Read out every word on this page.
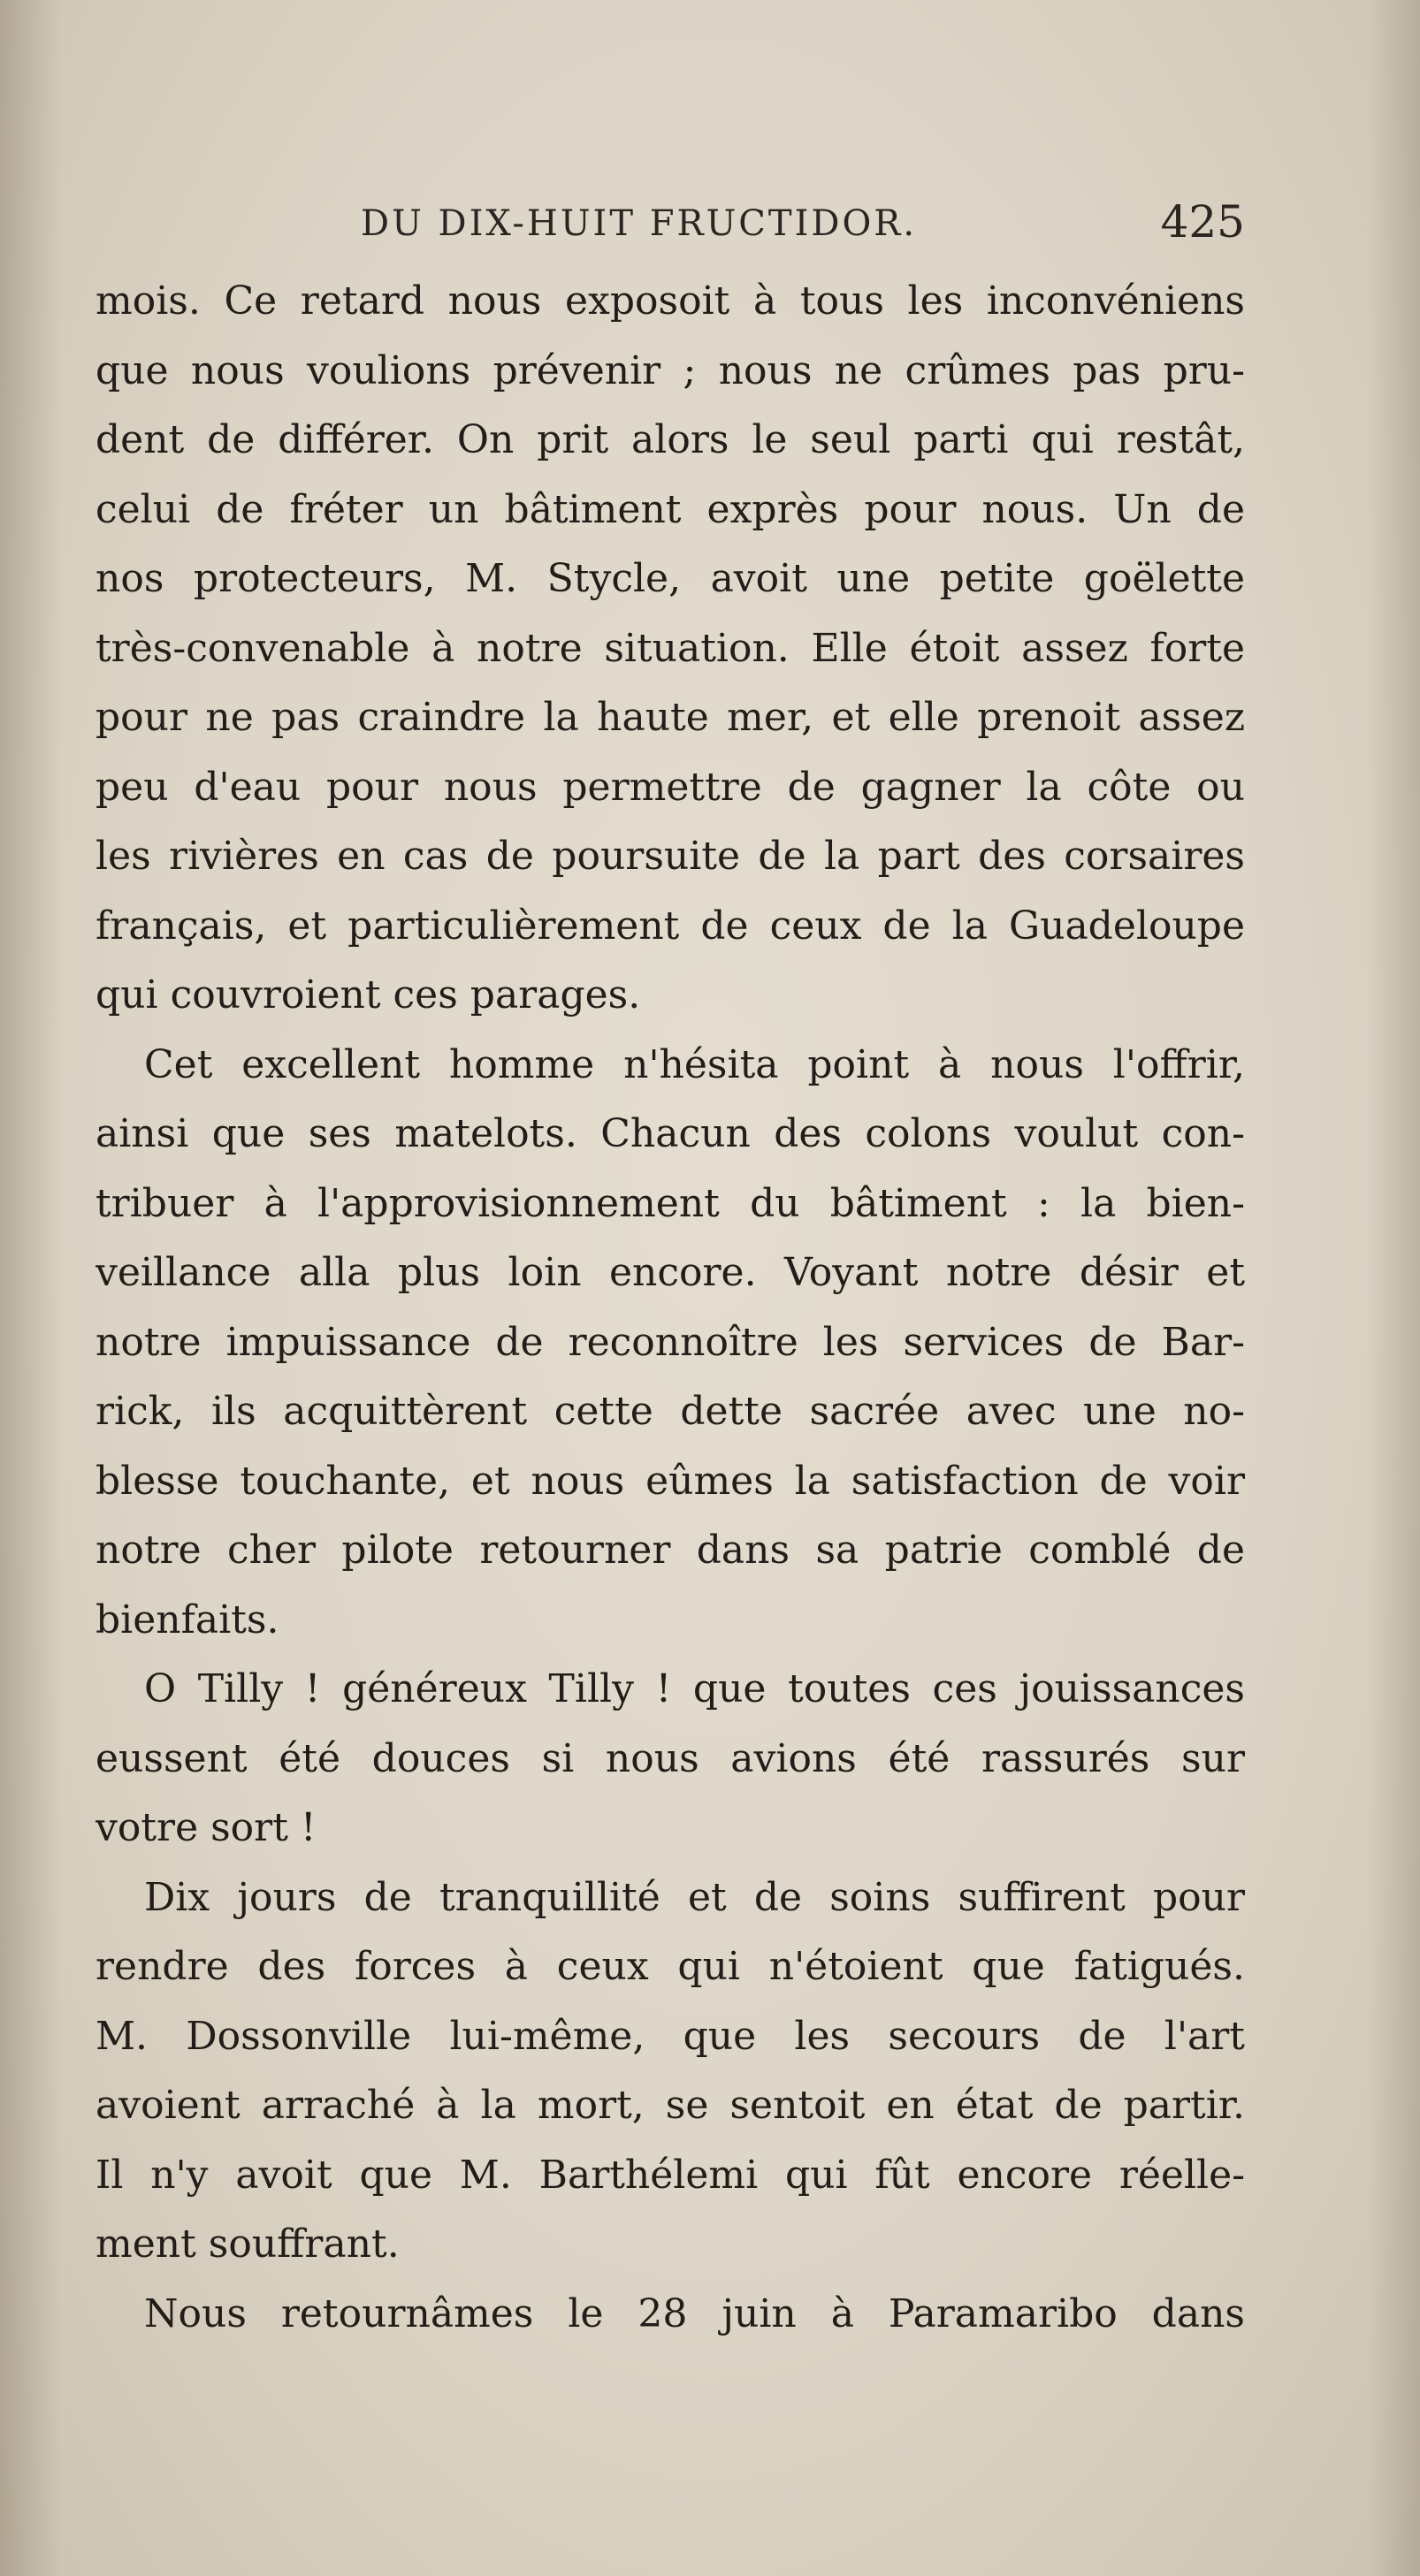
DU DIX-HUIT FRUCTIDOR.	425
mois. Ce retard nous exposoit à tous les inconvéniens
que nous voulions prévenir ; nous ne crûmes pas pru-
dent de différer. On prit alors le seul parti qui restât,
celui de fréter un bâtiment exprès pour nous. Un de
nos protecteurs, M. Stycle, avoit une petite goëlette
très-convenable à notre situation. Elle étoit assez forte
pour ne pas craindre la haute mer, et elle prenoit assez
peu d'eau pour nous permettre de gagner la côte ou
les rivières en cas de poursuite de la part des corsaires
français, et particulièrement de ceux de la Guadeloupe
qui couvroient ces parages.
Cet excellent homme n'hésita point à nous l'offrir,
ainsi que ses matelots. Chacun des colons voulut con-
tribuer à l'approvisionnement du bâtiment : la bien-
veillance alla plus loin encore. Voyant notre désir et
notre impuissance de reconnoître les services de Bar-
rick, ils acquittèrent cette dette sacrée avec une no-
blesse touchante, et nous eûmes la satisfaction de voir
notre cher pilote retourner dans sa patrie comblé de
bienfaits.
O Tilly ! généreux Tilly ! que toutes ces jouissances
eussent été douces si nous avions été rassurés sur
votre sort !
Dix jours de tranquillité et de soins suffirent pour
rendre des forces à ceux qui n'étoient que fatigués.
M. Dossonville lui-même, que les secours de l'art
avoient arraché à la mort, se sentoit en état de partir.
Il n'y avoit que M. Barthélemi qui fût encore réelle-
ment souffrant.
Nous retournâmes le 28 juin à Paramaribo dans
